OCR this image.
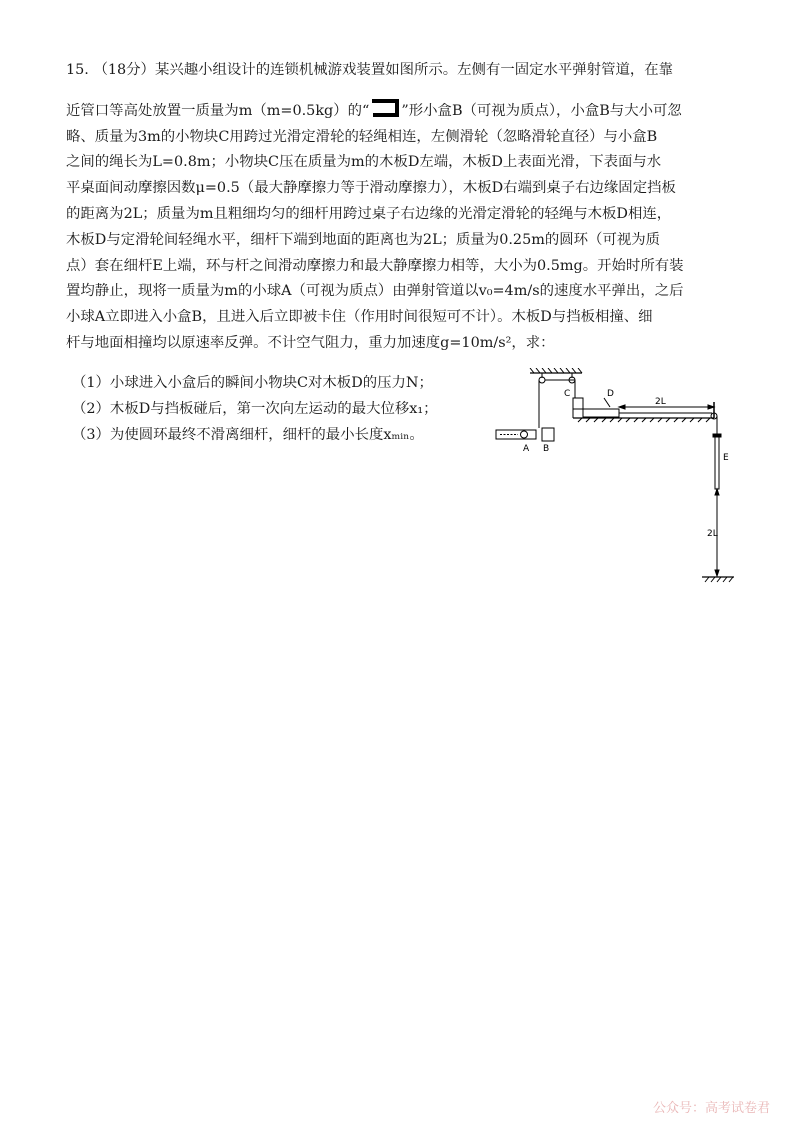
15. （18分）某兴趣小组设计的连锁机械游戏装置如图所示。左侧有一固定水平弹射管道，在靠

近管口等高处放置一质量为m（m=0.5kg）的“ ”形小盒B（可视为质点），小盒B与大小可忽

略、质量为3m的小物块C用跨过光滑定滑轮的轻绳相连，左侧滑轮（忽略滑轮直径）与小盒B

之间的绳长为L=0.8m；小物块C压在质量为m的木板D左端，木板D上表面光滑，下表面与水

平桌面间动摩擦因数μ=0.5（最大静摩擦力等于滑动摩擦力），木板D右端到桌子右边缘固定挡板

的距离为2L；质量为m且粗细均匀的细杆用跨过桌子右边缘的光滑定滑轮的轻绳与木板D相连，

木板D与定滑轮间轻绳水平，细杆下端到地面的距离也为2L；质量为0.25m的圆环（可视为质

点）套在细杆E上端，环与杆之间滑动摩擦力和最大静摩擦力相等，大小为0.5mg。开始时所有装

置均静止，现将一质量为m的小球A（可视为质点）由弹射管道以v₀=4m/s的速度水平弹出，之后

小球A立即进入小盒B，且进入后立即被卡住（作用时间很短可不计）。木板D与挡板相撞、细

杆与地面相撞均以原速率反弹。不计空气阻力，重力加速度g=10m/s²，求：

（1）小球进入小盒后的瞬间小物块C对木板D的压力N；

（2）木板D与挡板碰后，第一次向左运动的最大位移x₁；

（3）为使圆环最终不滑离细杆，细杆的最小长度xₘᵢₙ。

A B
C	D
E
2L
2L
公众号：高考试卷君
